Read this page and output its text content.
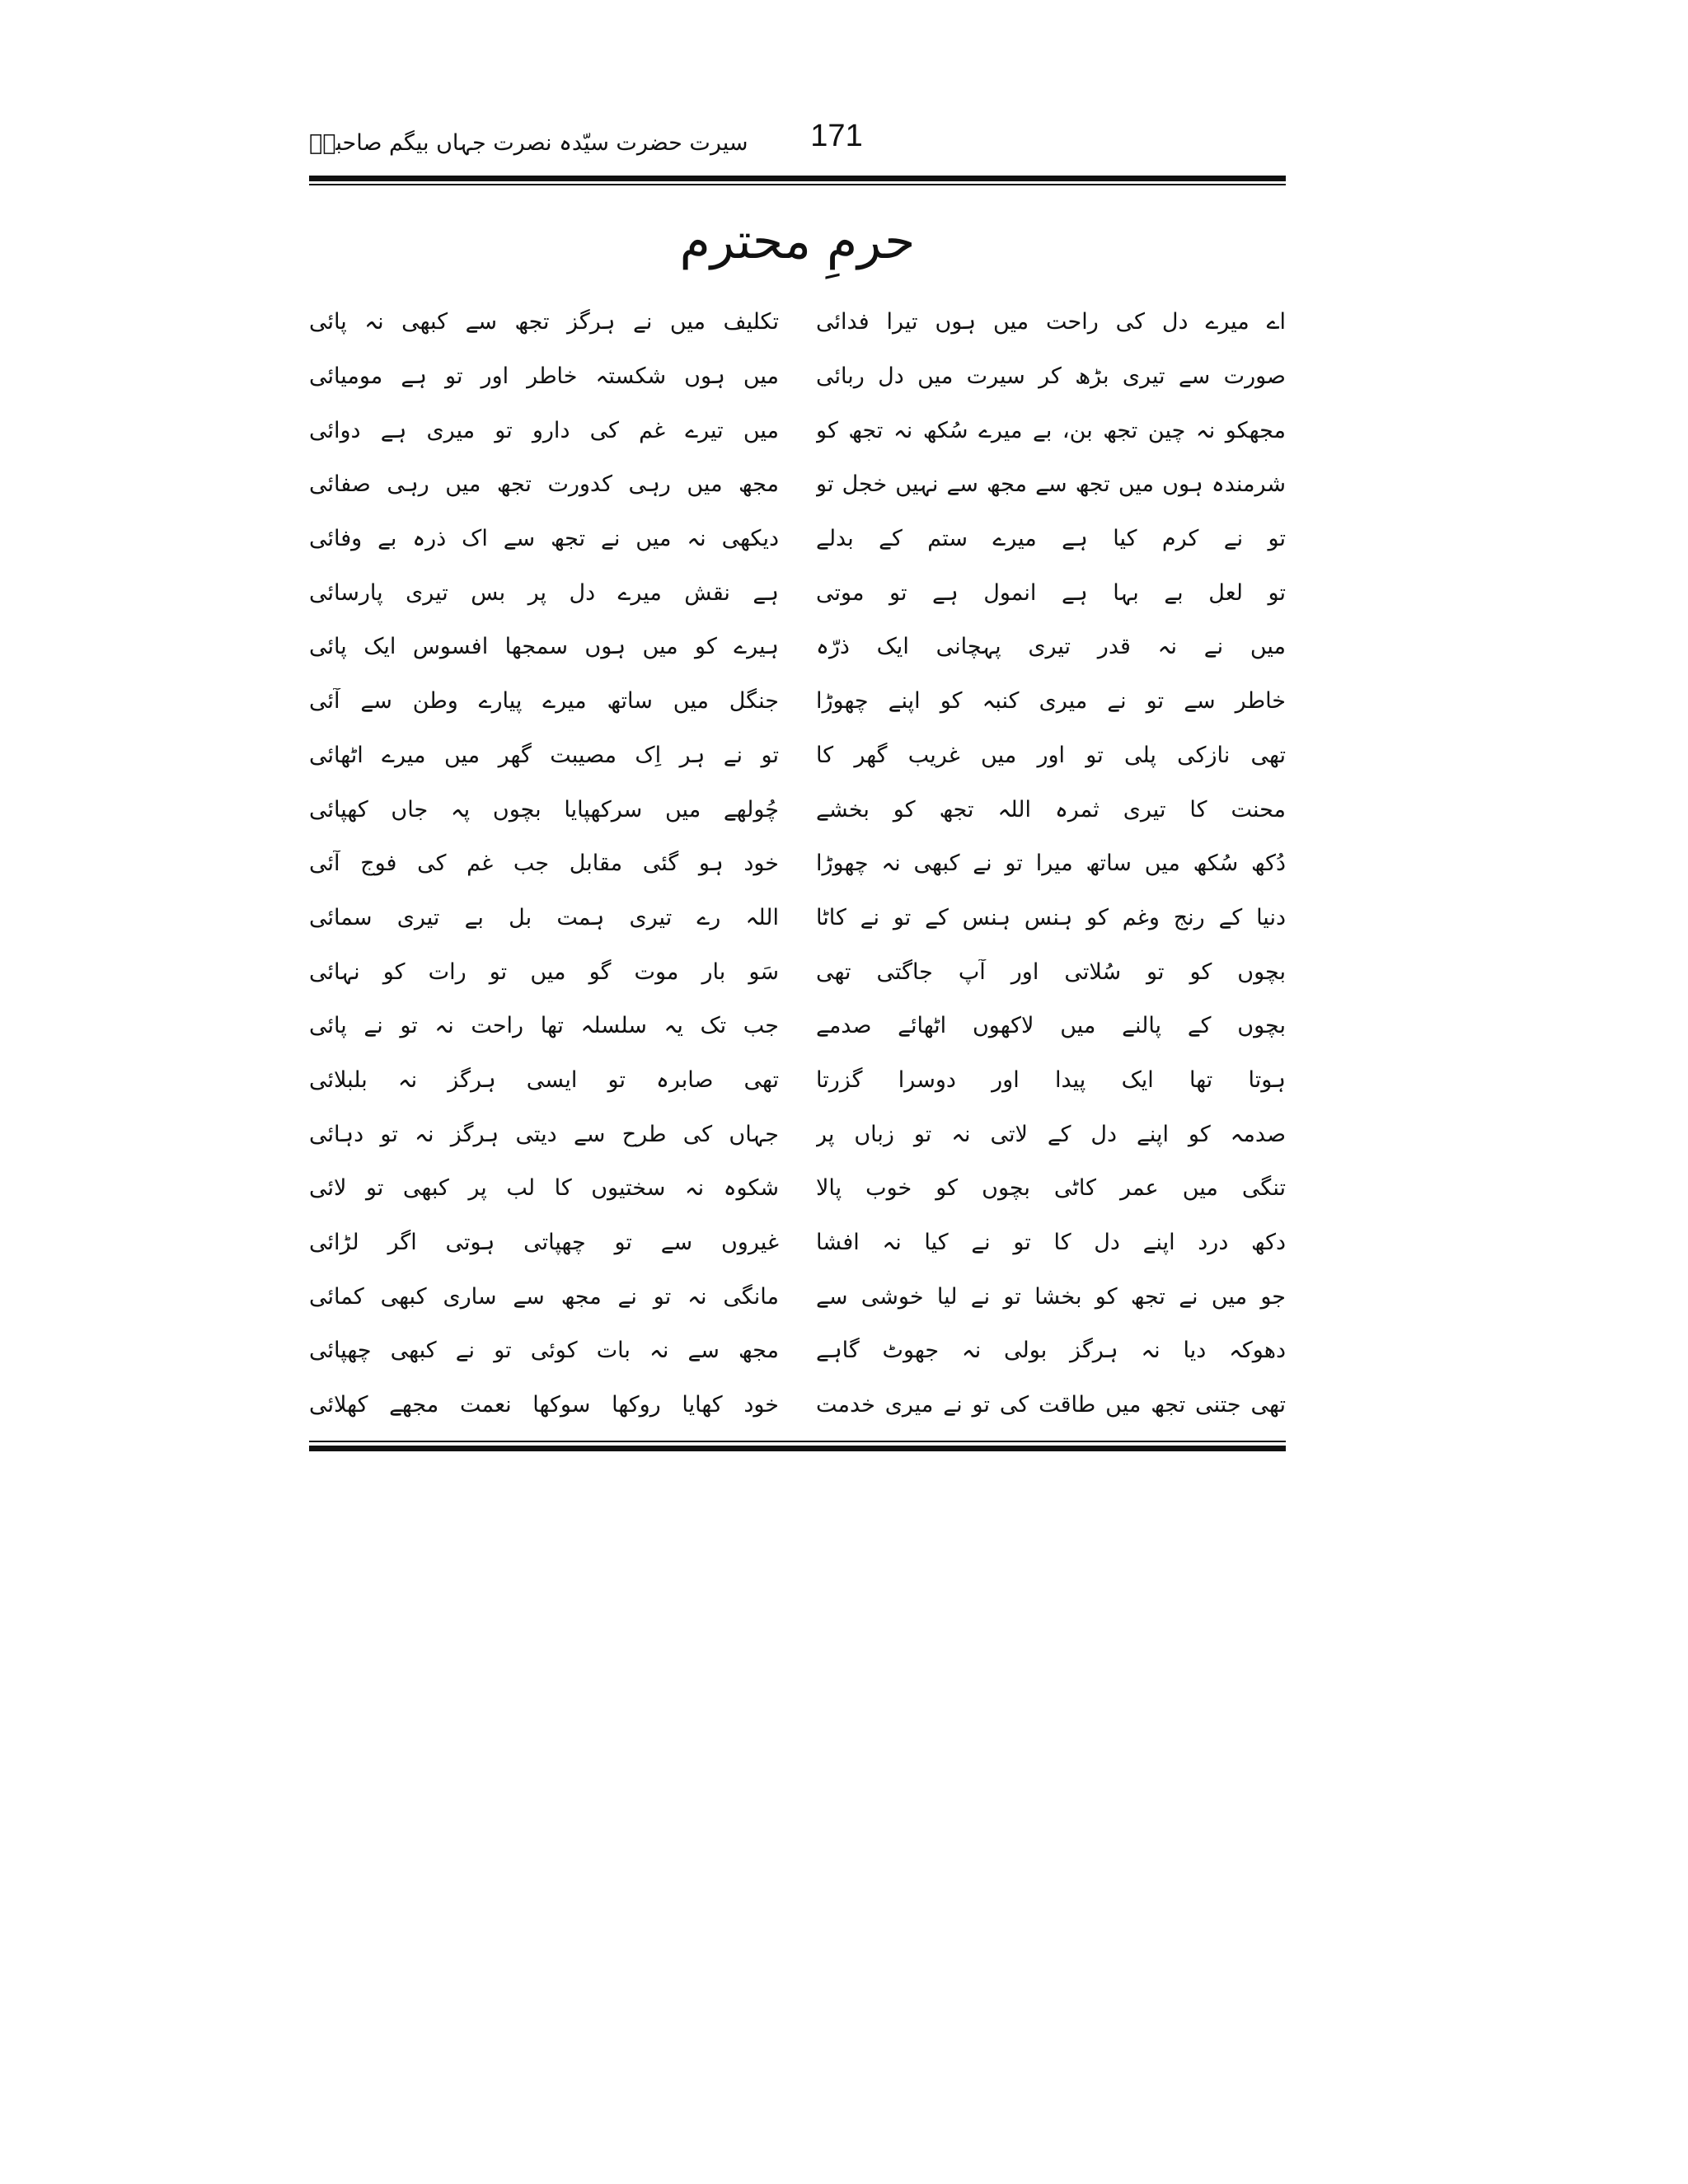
سیرت حضرت سیّدہ نصرت جہاں بیگم صاحبہؓ	171
حرمِ محترم
اے میرے دل کی راحت میں ہوں تیرا فدائی
تکلیف میں نے ہرگز تجھ سے کبھی نہ پائی
صورت سے تیری بڑھ کر سیرت میں دل ربائی
میں ہوں شکستہ خاطر اور تو ہے مومیائی
مجھکو نہ چین تجھ بن، بے میرے سُکھ نہ تجھ کو
میں تیرے غم کی دارو تو میری ہے دوائی
شرمندہ ہوں میں تجھ سے مجھ سے نہیں خجل تو
مجھ میں رہی کدورت تجھ میں رہی صفائی
تو نے کرم کیا ہے میرے ستم کے بدلے
دیکھی نہ میں نے تجھ سے اک ذرہ بے وفائی
تو لعلِ بے بہا ہے انمول ہے تو موتی
ہے نقش میرے دل پر بس تیری پارسائی
میں نے نہ قدر تیری پہچانی ایک ذرّہ
ہیرے کو میں ہوں سمجھا افسوس ایک پائی
خاطر سے تو نے میری کنبہ کو اپنے چھوڑا
جنگل میں ساتھ میرے پیارے وطن سے آئی
تھی نازکی پلی تو اور میں غریب گھر کا
تو نے ہر اِک مصیبت گھر میں میرے اٹھائی
محنت کا تیری ثمرہ اللہ تجھ کو بخشے
چُولھے میں سرکھپایا بچوں پہ جاں کھپائی
دُکھ سُکھ میں ساتھ میرا تو نے کبھی نہ چھوڑا
خود ہو گئی مقابل جب غم کی فوج آئی
دنیا کے رنج وغم کو ہنس ہنس کے تو نے کاٹا
اللہ رے تیری ہمت بل بے تیری سمائی
بچوں کو تو سُلاتی اور آپ جاگتی تھی
سَو بار موت گو میں تو رات کو نہائی
بچوں کے پالنے میں لاکھوں اٹھائے صدمے
جب تک یہ سلسلہ تھا راحت نہ تو نے پائی
ہوتا تھا ایک پیدا اور دوسرا گزرتا
تھی صابرہ تو ایسی ہرگز نہ بلبلائی
صدمہ کو اپنے دل کے لاتی نہ تو زباں پر
جہاں کی طرح سے دیتی ہرگز نہ تو دہائی
تنگی میں عمر کاٹی بچوں کو خوب پالا
شکوہ نہ سختیوں کا لب پر کبھی تو لائی
دکھ درد اپنے دل کا تو نے کیا نہ افشا
غیروں سے تو چھپاتی ہوتی اگر لڑائی
جو میں نے تجھ کو بخشا تو نے لیا خوشی سے
مانگی نہ تو نے مجھ سے ساری کبھی کمائی
دھوکہ دیا نہ ہرگز بولی نہ جھوٹ گاہے
مجھ سے نہ بات کوئی تو نے کبھی چھپائی
تھی جتنی تجھ میں طاقت کی تو نے میری خدمت
خود کھایا روکھا سوکھا نعمت مجھے کھلائی
